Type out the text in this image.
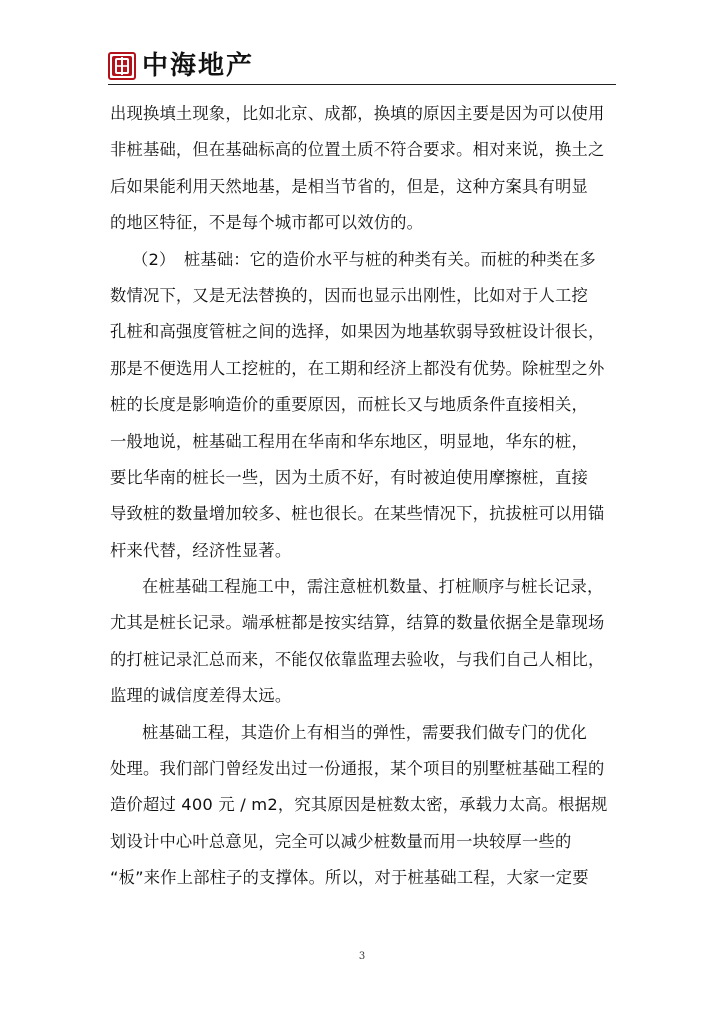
中海地产

出现换填土现象，比如北京、成都，换填的原因主要是因为可以使用
非桩基础，但在基础标高的位置土质不符合要求。相对来说，换土之
后如果能利用天然地基，是相当节省的，但是，这种方案具有明显
的地区特征，不是每个城市都可以效仿的。

（2）　桩基础：它的造价水平与桩的种类有关。而桩的种类在多
数情况下，又是无法替换的，因而也显示出刚性，比如对于人工挖
孔桩和高强度管桩之间的选择，如果因为地基软弱导致桩设计很长，
那是不便选用人工挖桩的，在工期和经济上都没有优势。除桩型之外
桩的长度是影响造价的重要原因，而桩长又与地质条件直接相关，
一般地说，桩基础工程用在华南和华东地区，明显地，华东的桩，
要比华南的桩长一些，因为土质不好，有时被迫使用摩擦桩，直接
导致桩的数量增加较多、桩也很长。在某些情况下，抗拔桩可以用锚
杆来代替，经济性显著。

在桩基础工程施工中，需注意桩机数量、打桩顺序与桩长记录，
尤其是桩长记录。端承桩都是按实结算，结算的数量依据全是靠现场
的打桩记录汇总而来，不能仅依靠监理去验收，与我们自己人相比，
监理的诚信度差得太远。

桩基础工程，其造价上有相当的弹性，需要我们做专门的优化
处理。我们部门曾经发出过一份通报，某个项目的别墅桩基础工程的
造价超过 400 元 / m2，究其原因是桩数太密，承载力太高。根据规
划设计中心叶总意见，完全可以减少桩数量而用一块较厚一些的
“板”来作上部柱子的支撑体。所以，对于桩基础工程，大家一定要

3
